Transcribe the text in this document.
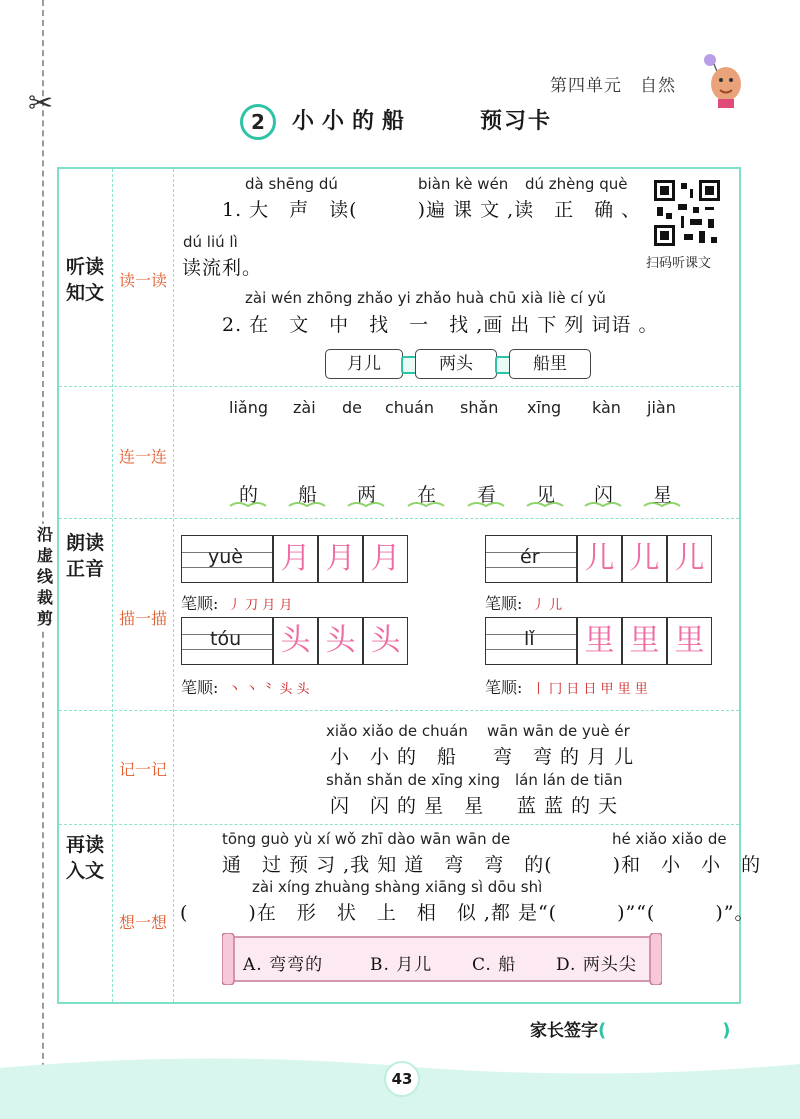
✂
沿
虚
线
裁
剪
第四单元　自然
2	小小的船	预习卡
听读知文
朗读正音
再读入文
读一读
连一连
描一描
记一记
想一想
扫码听课文
dà shēng dú	biàn kè wén dú zhèng què
1. 大　声　读(　　　)遍 课 文 ,读　正　确 、
dú liú lì
读流利。
zài wén zhōng zhǎo yi zhǎo huà chū xià liè cí yǔ
2. 在　文　中　找　一　找 ,画 出 下 列 词语 。
月儿	两头	船里
liǎng zài de chuán shǎn xīng kàn jiàn
的 船 两 在 看 见 闪 星
yuè 月 月 月
笔顺: 丿 刀 月 月
ér 儿 儿 儿
笔顺: 丿 儿
tóu 头 头 头
笔顺: 丶 丶 ⺀ 头 头
lǐ 里 里 里
笔顺: 丨 冂 日 日 甲 里 里
xiǎo xiǎo de chuán wān wān de yuè ér
小　小 的　船 弯　弯 的 月 儿
shǎn shǎn de xīng xing lán lán de tiān
闪　闪 的 星　星 蓝 蓝 的 天
tōng guò yù xí wǒ zhī dào wān wān de	hé xiǎo xiǎo de
通　过 预 习 ,我 知 道　弯　弯　的(　　　)和　小　小　的
zài xíng zhuàng shàng xiāng sì dōu shì
(　　　)在　形　状　上　相　似 ,都 是“(　　　)”“(　　　)”。
A. 弯弯的	B. 月儿 C. 船 D. 两头尖
家长签字(	)
43
